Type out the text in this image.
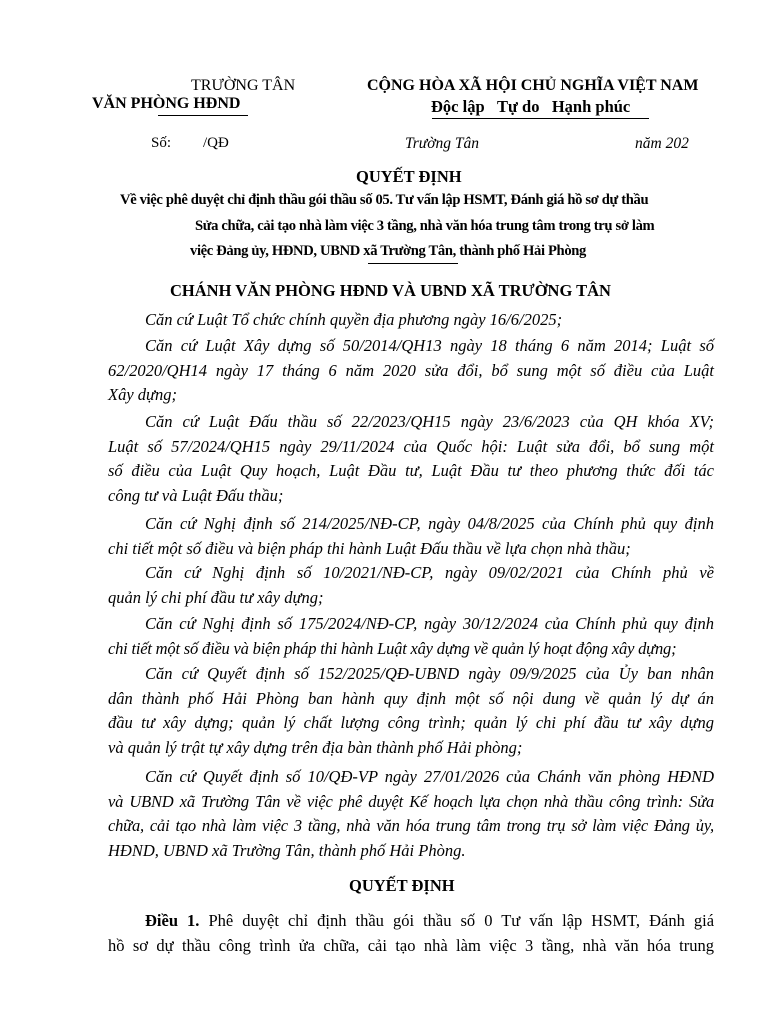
TRƯỜNG TÂN
VĂN PHÒNG HĐND
CỘNG HÒA XÃ HỘI CHỦ NGHĨA VIỆT NAM
Độc lập Tự do Hạnh phúc
Số: /QĐ	Trường Tân	năm 202
QUYẾT ĐỊNH
Về việc phê duyệt chỉ định thầu gói thầu số 05. Tư vấn lập HSMT, Đánh giá hồ sơ dự thầu
Sửa chữa, cải tạo nhà làm việc 3 tầng, nhà văn hóa trung tâm trong trụ sở làm
việc Đảng ủy, HĐND, UBND xã Trường Tân, thành phố Hải Phòng
CHÁNH VĂN PHÒNG HĐND VÀ UBND XÃ TRƯỜNG TÂN
Căn cứ Luật Tổ chức chính quyền địa phương ngày 16/6/2025;
Căn cứ Luật Xây dựng số 50/2014/QH13 ngày 18 tháng 6 năm 2014; Luật số
62/2020/QH14 ngày 17 tháng 6 năm 2020 sửa đổi, bổ sung một số điều của Luật
Xây dựng;
Căn cứ Luật Đấu thầu số 22/2023/QH15 ngày 23/6/2023 của QH khóa XV;
Luật số 57/2024/QH15 ngày 29/11/2024 của Quốc hội: Luật sửa đổi, bổ sung một
số điều của Luật Quy hoạch, Luật Đầu tư, Luật Đầu tư theo phương thức đối tác
công tư và Luật Đấu thầu;
Căn cứ Nghị định số 214/2025/NĐ-CP, ngày 04/8/2025 của Chính phủ quy định
chi tiết một số điều và biện pháp thi hành Luật Đấu thầu về lựa chọn nhà thầu;
Căn cứ Nghị định số 10/2021/NĐ-CP, ngày 09/02/2021 của Chính phủ về
quản lý chi phí đầu tư xây dựng;
Căn cứ Nghị định số 175/2024/NĐ-CP, ngày 30/12/2024 của Chính phủ quy định
chi tiết một số điều và biện pháp thi hành Luật xây dựng về quản lý hoạt động xây dựng;
Căn cứ Quyết định số 152/2025/QĐ-UBND ngày 09/9/2025 của Ủy ban nhân
dân thành phố Hải Phòng ban hành quy định một số nội dung về quản lý dự án
đầu tư xây dựng; quản lý chất lượng công trình; quản lý chi phí đầu tư xây dựng
và quản lý trật tự xây dựng trên địa bàn thành phố Hải phòng;
Căn cứ Quyết định số 10/QĐ-VP ngày 27/01/2026 của Chánh văn phòng HĐND
và UBND xã Trường Tân về việc phê duyệt Kế hoạch lựa chọn nhà thầu công trình: Sửa
chữa, cải tạo nhà làm việc 3 tầng, nhà văn hóa trung tâm trong trụ sở làm việc Đảng ủy,
HĐND, UBND xã Trường Tân, thành phố Hải Phòng.
QUYẾT ĐỊNH
Điều 1. Phê duyệt chỉ định thầu gói thầu số 0 Tư vấn lập HSMT, Đánh giá
hồ sơ dự thầu công trình ửa chữa, cải tạo nhà làm việc 3 tầng, nhà văn hóa trung
